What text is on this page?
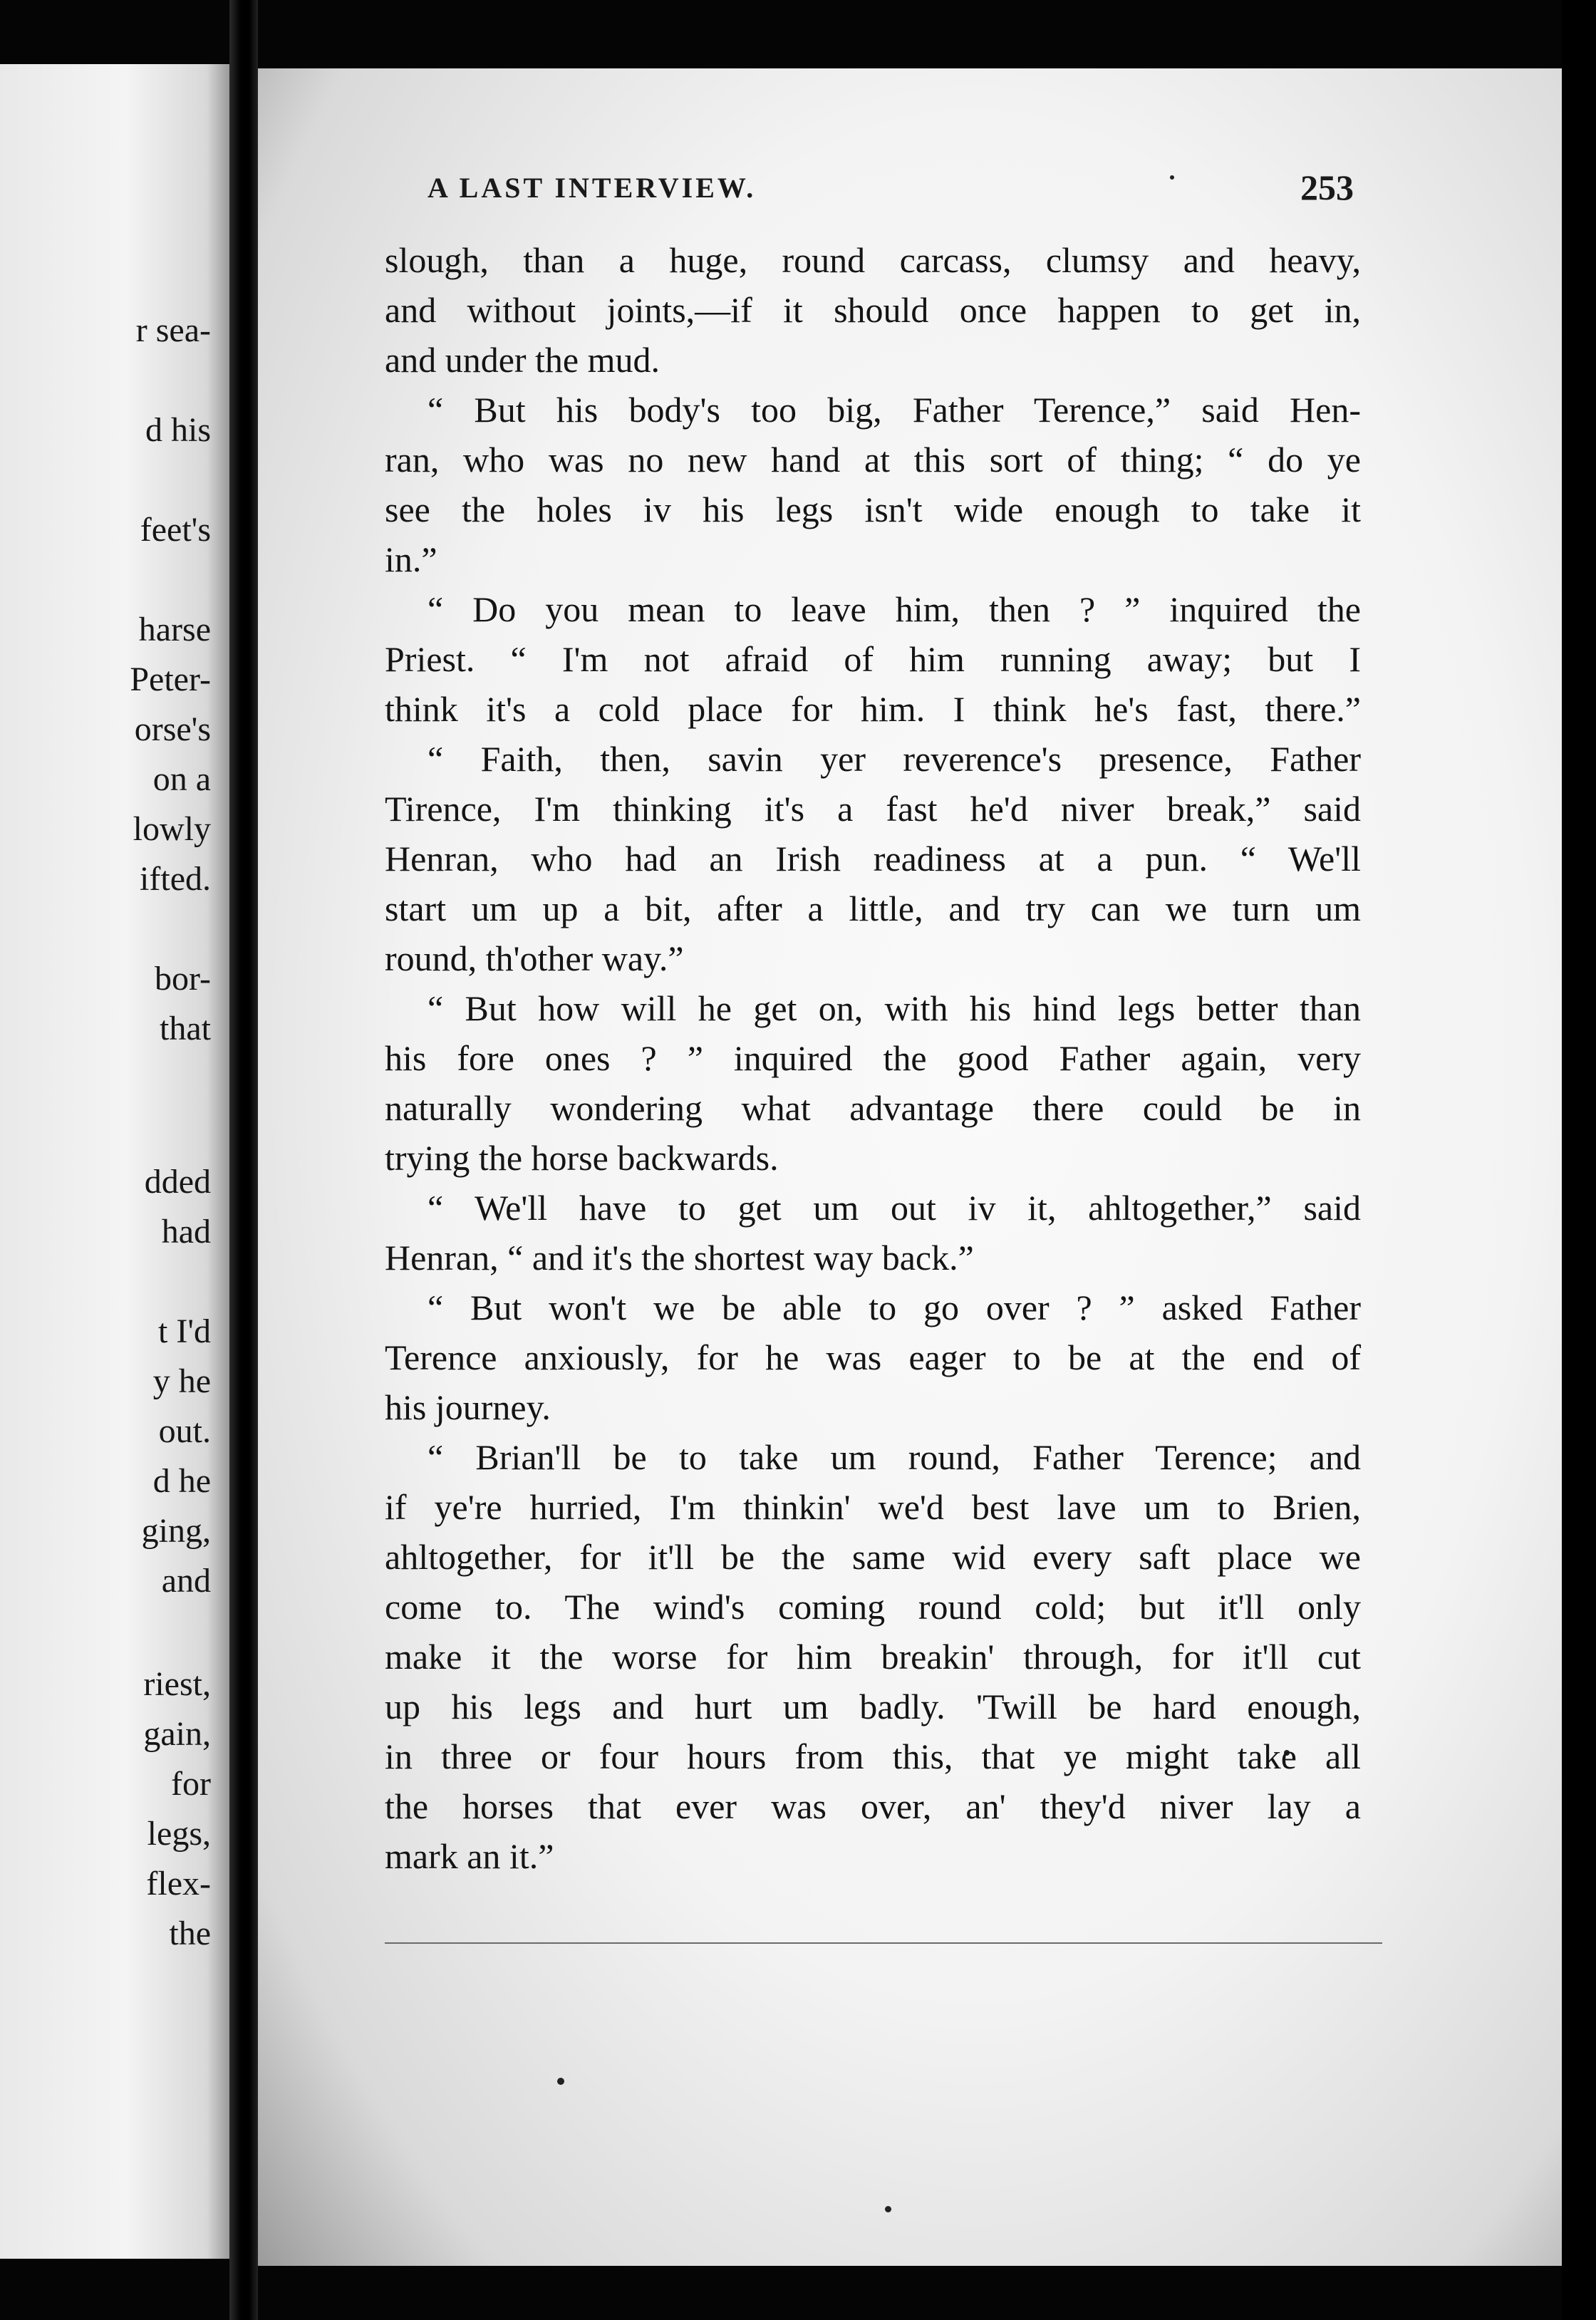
r sea-
d his
feet's
harse
Peter-
orse's
on a
lowly
ifted.
bor-
that
dded
had
t I'd
y he
out.
d he
ging,
and
riest,
gain,
for
legs,
flex-
the
A LAST INTERVIEW.	253
slough, than a huge, round carcass, clumsy and heavy,
and without joints,—if it should once happen to get in,
and under the mud.
“ But his body's too big, Father Terence,” said Hen-
ran, who was no new hand at this sort of thing; “ do ye
see the holes iv his legs isn't wide enough to take it
in.”
“ Do you mean to leave him, then ? ” inquired the
Priest. “ I'm not afraid of him running away; but I
think it's a cold place for him. I think he's fast, there.”
“ Faith, then, savin yer reverence's presence, Father
Tirence, I'm thinking it's a fast he'd niver break,” said
Henran, who had an Irish readiness at a pun. “ We'll
start um up a bit, after a little, and try can we turn um
round, th'other way.”
“ But how will he get on, with his hind legs better than
his fore ones ? ” inquired the good Father again, very
naturally wondering what advantage there could be in
trying the horse backwards.
“ We'll have to get um out iv it, ahltogether,” said
Henran, “ and it's the shortest way back.”
“ But won't we be able to go over ? ” asked Father
Terence anxiously, for he was eager to be at the end of
his journey.
“ Brian'll be to take um round, Father Terence; and
if ye're hurried, I'm thinkin' we'd best lave um to Brien,
ahltogether, for it'll be the same wid every saft place we
come to. The wind's coming round cold; but it'll only
make it the worse for him breakin' through, for it'll cut
up his legs and hurt um badly. 'Twill be hard enough,
in three or four hours from this, that ye might take all
the horses that ever was over, an' they'd niver lay a
mark an it.”
